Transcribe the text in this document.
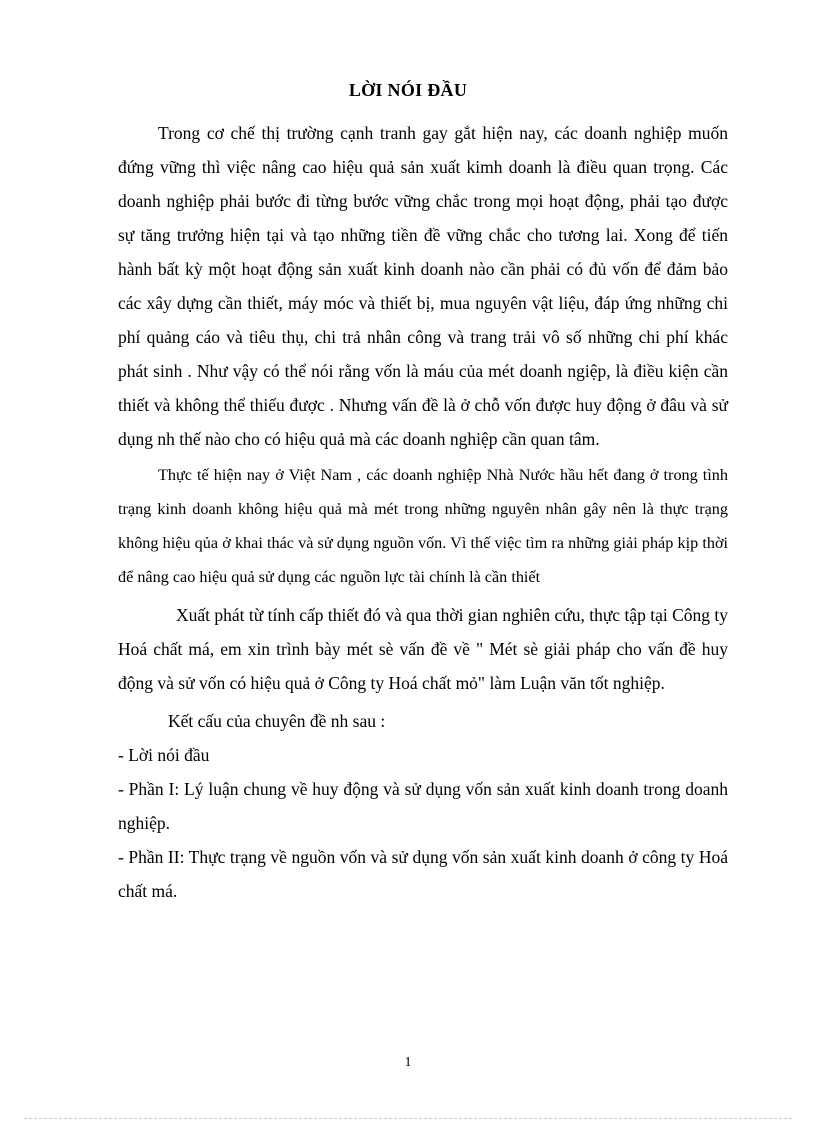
LỜI NÓI ĐẦU

Trong cơ chế thị trường cạnh tranh gay gắt hiện nay, các doanh nghiệp muốn đứng vững thì việc nâng cao hiệu quả sản xuất kimh doanh là điều quan trọng. Các doanh nghiệp phải bước đi từng bước vững chắc trong mọi hoạt động, phải tạo được sự tăng trưởng hiện tại và tạo những tiền đề vững chắc cho tương lai. Xong để tiến hành bất kỳ một hoạt động sản xuất kinh doanh nào cần phải có đủ vốn để đảm bảo các xây dựng cần thiết, máy móc và thiết bị, mua nguyên vật liệu, đáp ứng những chi phí quảng cáo và tiêu thụ, chi trả nhân công và trang trải vô số những chi phí khác phát sinh . Như vậy có thể nói rằng vốn là máu của mét doanh ngiệp, là điều kiện cần thiết và không thể thiếu được . Nhưng vấn đề là ở chỗ vốn được huy động ở đâu và sử dụng nh thế nào cho có hiệu quả mà các doanh nghiệp cần quan tâm.

Thực tế hiện nay ở Việt Nam , các doanh nghiệp Nhà Nước hầu hết đang ở trong tình trạng kinh doanh không hiệu quả mà mét trong những nguyên nhân gây nên là thực trạng không hiệu qủa ở khai thác và sử dụng nguồn vốn. Vì thế việc tìm ra những giải pháp kịp thời để nâng cao hiệu quả sử dụng các nguồn lực tài chính là cần thiết

Xuất phát từ tính cấp thiết đó và qua thời gian nghiên cứu, thực tập tại Công ty Hoá chất má, em xin trình bày mét sè vấn đề về " Mét sè giải pháp cho vấn đề huy động và sử vốn có hiệu quả ở Công ty Hoá chất mỏ" làm Luận văn tốt nghiệp.

Kết cấu của chuyên đề nh sau :

- Lời nói đầu

- Phần I: Lý luận chung về huy động và sử dụng vốn sản xuất kinh doanh trong doanh nghiệp.

- Phần II: Thực trạng về nguồn vốn và sử dụng vốn sản xuất kinh doanh ở công ty Hoá chất má.

1
